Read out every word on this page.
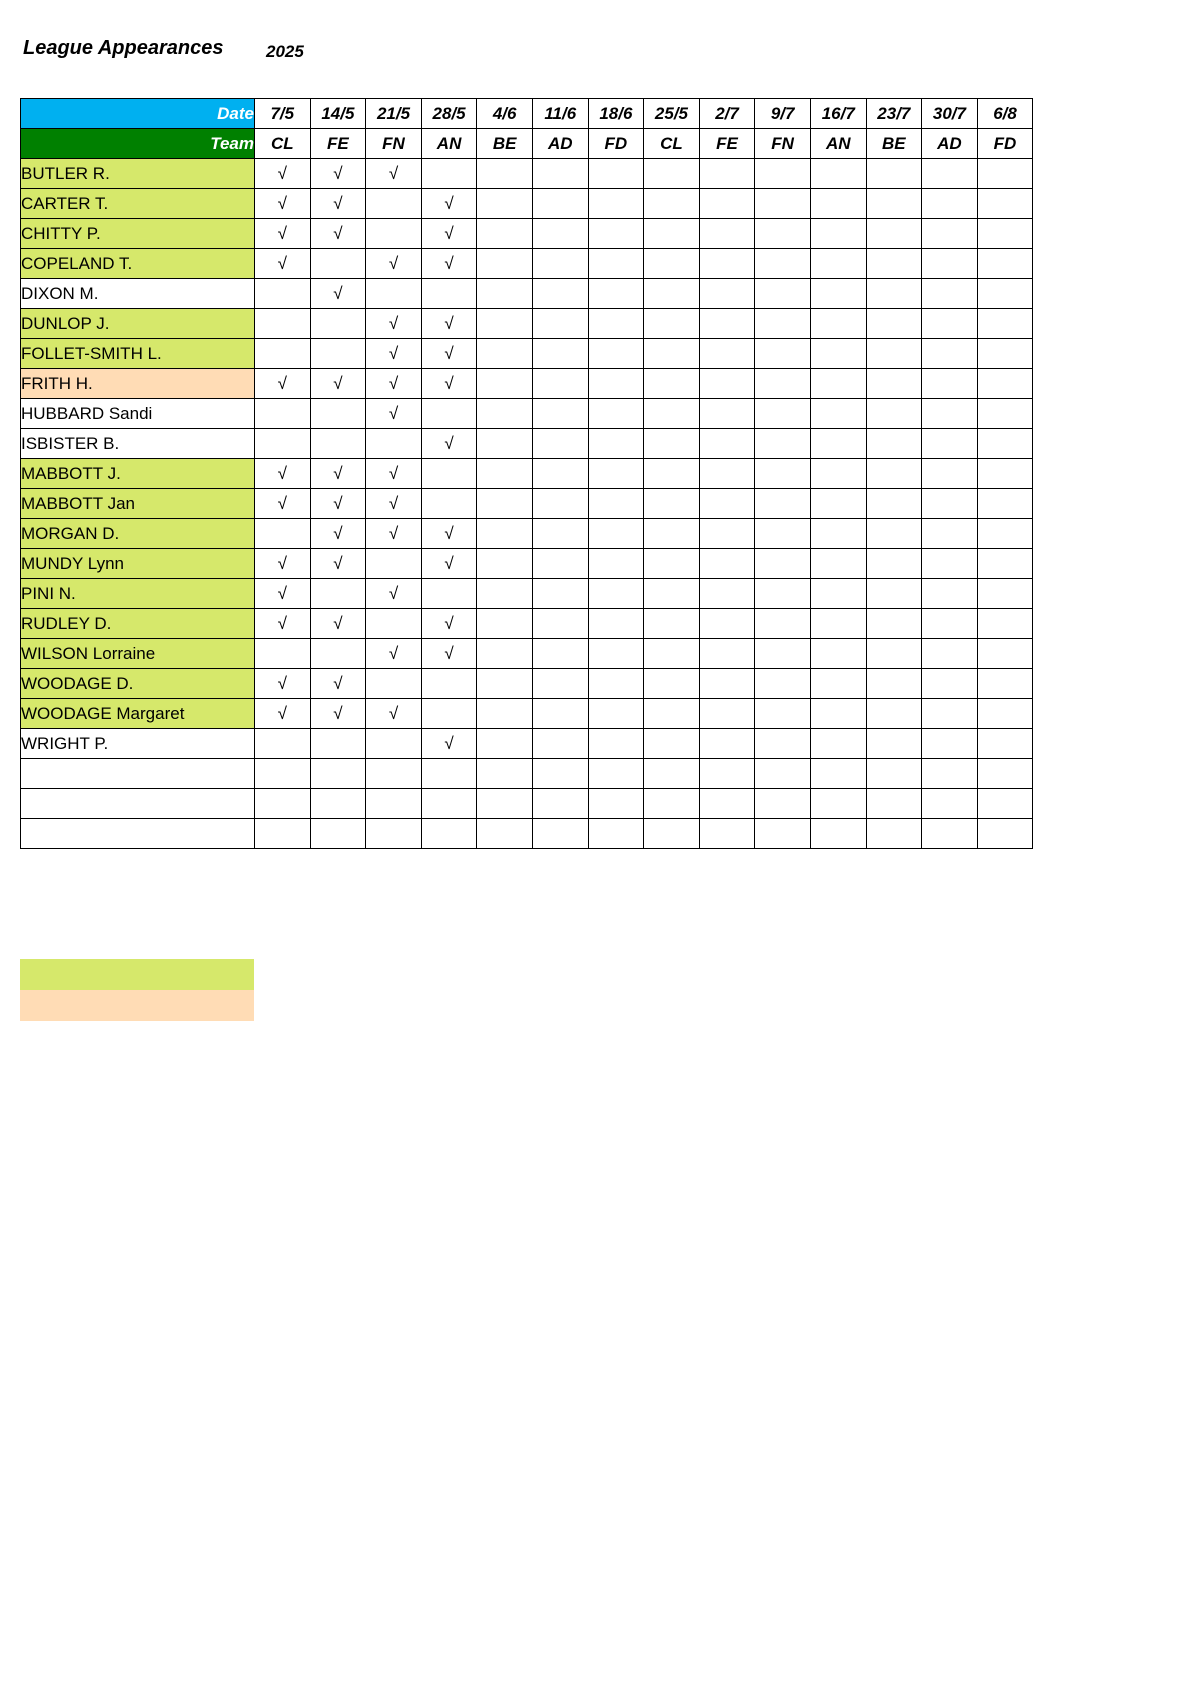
League Appearances	2025
Date	7/5	14/5	21/5	28/5	4/6	11/6	18/6	25/5	2/7	9/7	16/7	23/7	30/7	6/8
Team	CL	FE	FN	AN	BE	AD	FD	CL	FE	FN	AN	BE	AD	FD
BUTLER R.	√	√	√											
CARTER T.	√	√		√										
CHITTY P.	√	√		√										
COPELAND T.	√		√	√										
DIXON M.		√												
DUNLOP J.			√	√										
FOLLET-SMITH L.			√	√										
FRITH H.	√	√	√	√										
HUBBARD Sandi			√											
ISBISTER B.				√										
MABBOTT J.	√	√	√											
MABBOTT Jan	√	√	√											
MORGAN D.		√	√	√										
MUNDY Lynn	√	√		√										
PINI N.	√		√											
RUDLEY D.	√	√		√										
WILSON Lorraine			√	√										
WOODAGE D.	√	√												
WOODAGE Margaret	√	√	√											
WRIGHT P.				√										
